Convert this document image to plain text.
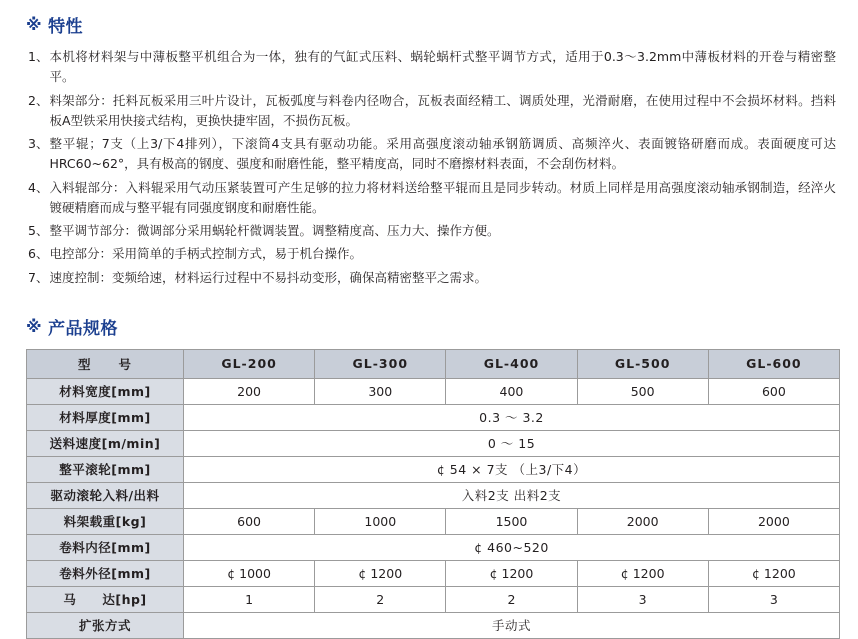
※ 特性
1、 本机将材料架与中薄板整平机组合为一体，独有的气缸式压料、蜗轮蜗杆式整平调节方式，适用于0.3～3.2mm中薄板材料的开卷与精密整平。
2、 料架部分：托料瓦板采用三叶片设计，瓦板弧度与料卷内径吻合，瓦板表面经精工、调质处理，光滑耐磨，在使用过程中不会损坏材料。挡料板A型铁采用快接式结构，更换快捷牢固，不损伤瓦板。
3、 整平辊；7支（上3/下4排列），下滚筒4支具有驱动功能。采用高强度滚动轴承钢筋调质、高频淬火、表面镀铬研磨而成。表面硬度可达HRC60~62°，具有极高的钢度、强度和耐磨性能，整平精度高，同时不磨擦材料表面，不会刮伤材料。
4、 入料辊部分：入料辊采用气动压紧装置可产生足够的拉力将材料送给整平辊而且是同步转动。材质上同样是用高强度滚动轴承钢制造，经淬火镀硬精磨而成与整平辊有同强度钢度和耐磨性能。
5、 整平调节部分：微调部分采用蜗轮杆微调装置。调整精度高、压力大、操作方便。
6、 电控部分：采用简单的手柄式控制方式，易于机台操作。
7、 速度控制：变频给速，材料运行过程中不易抖动变形，确保高精密整平之需求。
※ 产品规格
型　　号	GL-200	GL-300	GL-400	GL-500	GL-600
材料宽度[mm]	200	300	400	500	600
材料厚度[mm]	0.3 ～ 3.2				
送料速度[m/min]	0 ～ 15				
整平滚轮[mm]	¢ 54 × 7支 （上3/下4）				
驱动滚轮入料/出料	入料2支 出料2支				
料架载重[kg]	600	1000	1500	2000	2000
卷料内径[mm]	¢ 460~520				
卷料外径[mm]	¢ 1000	¢ 1200	¢ 1200	¢ 1200	¢ 1200
马　　达[hp]	1	2	2	3	3
扩张方式	手动式				
